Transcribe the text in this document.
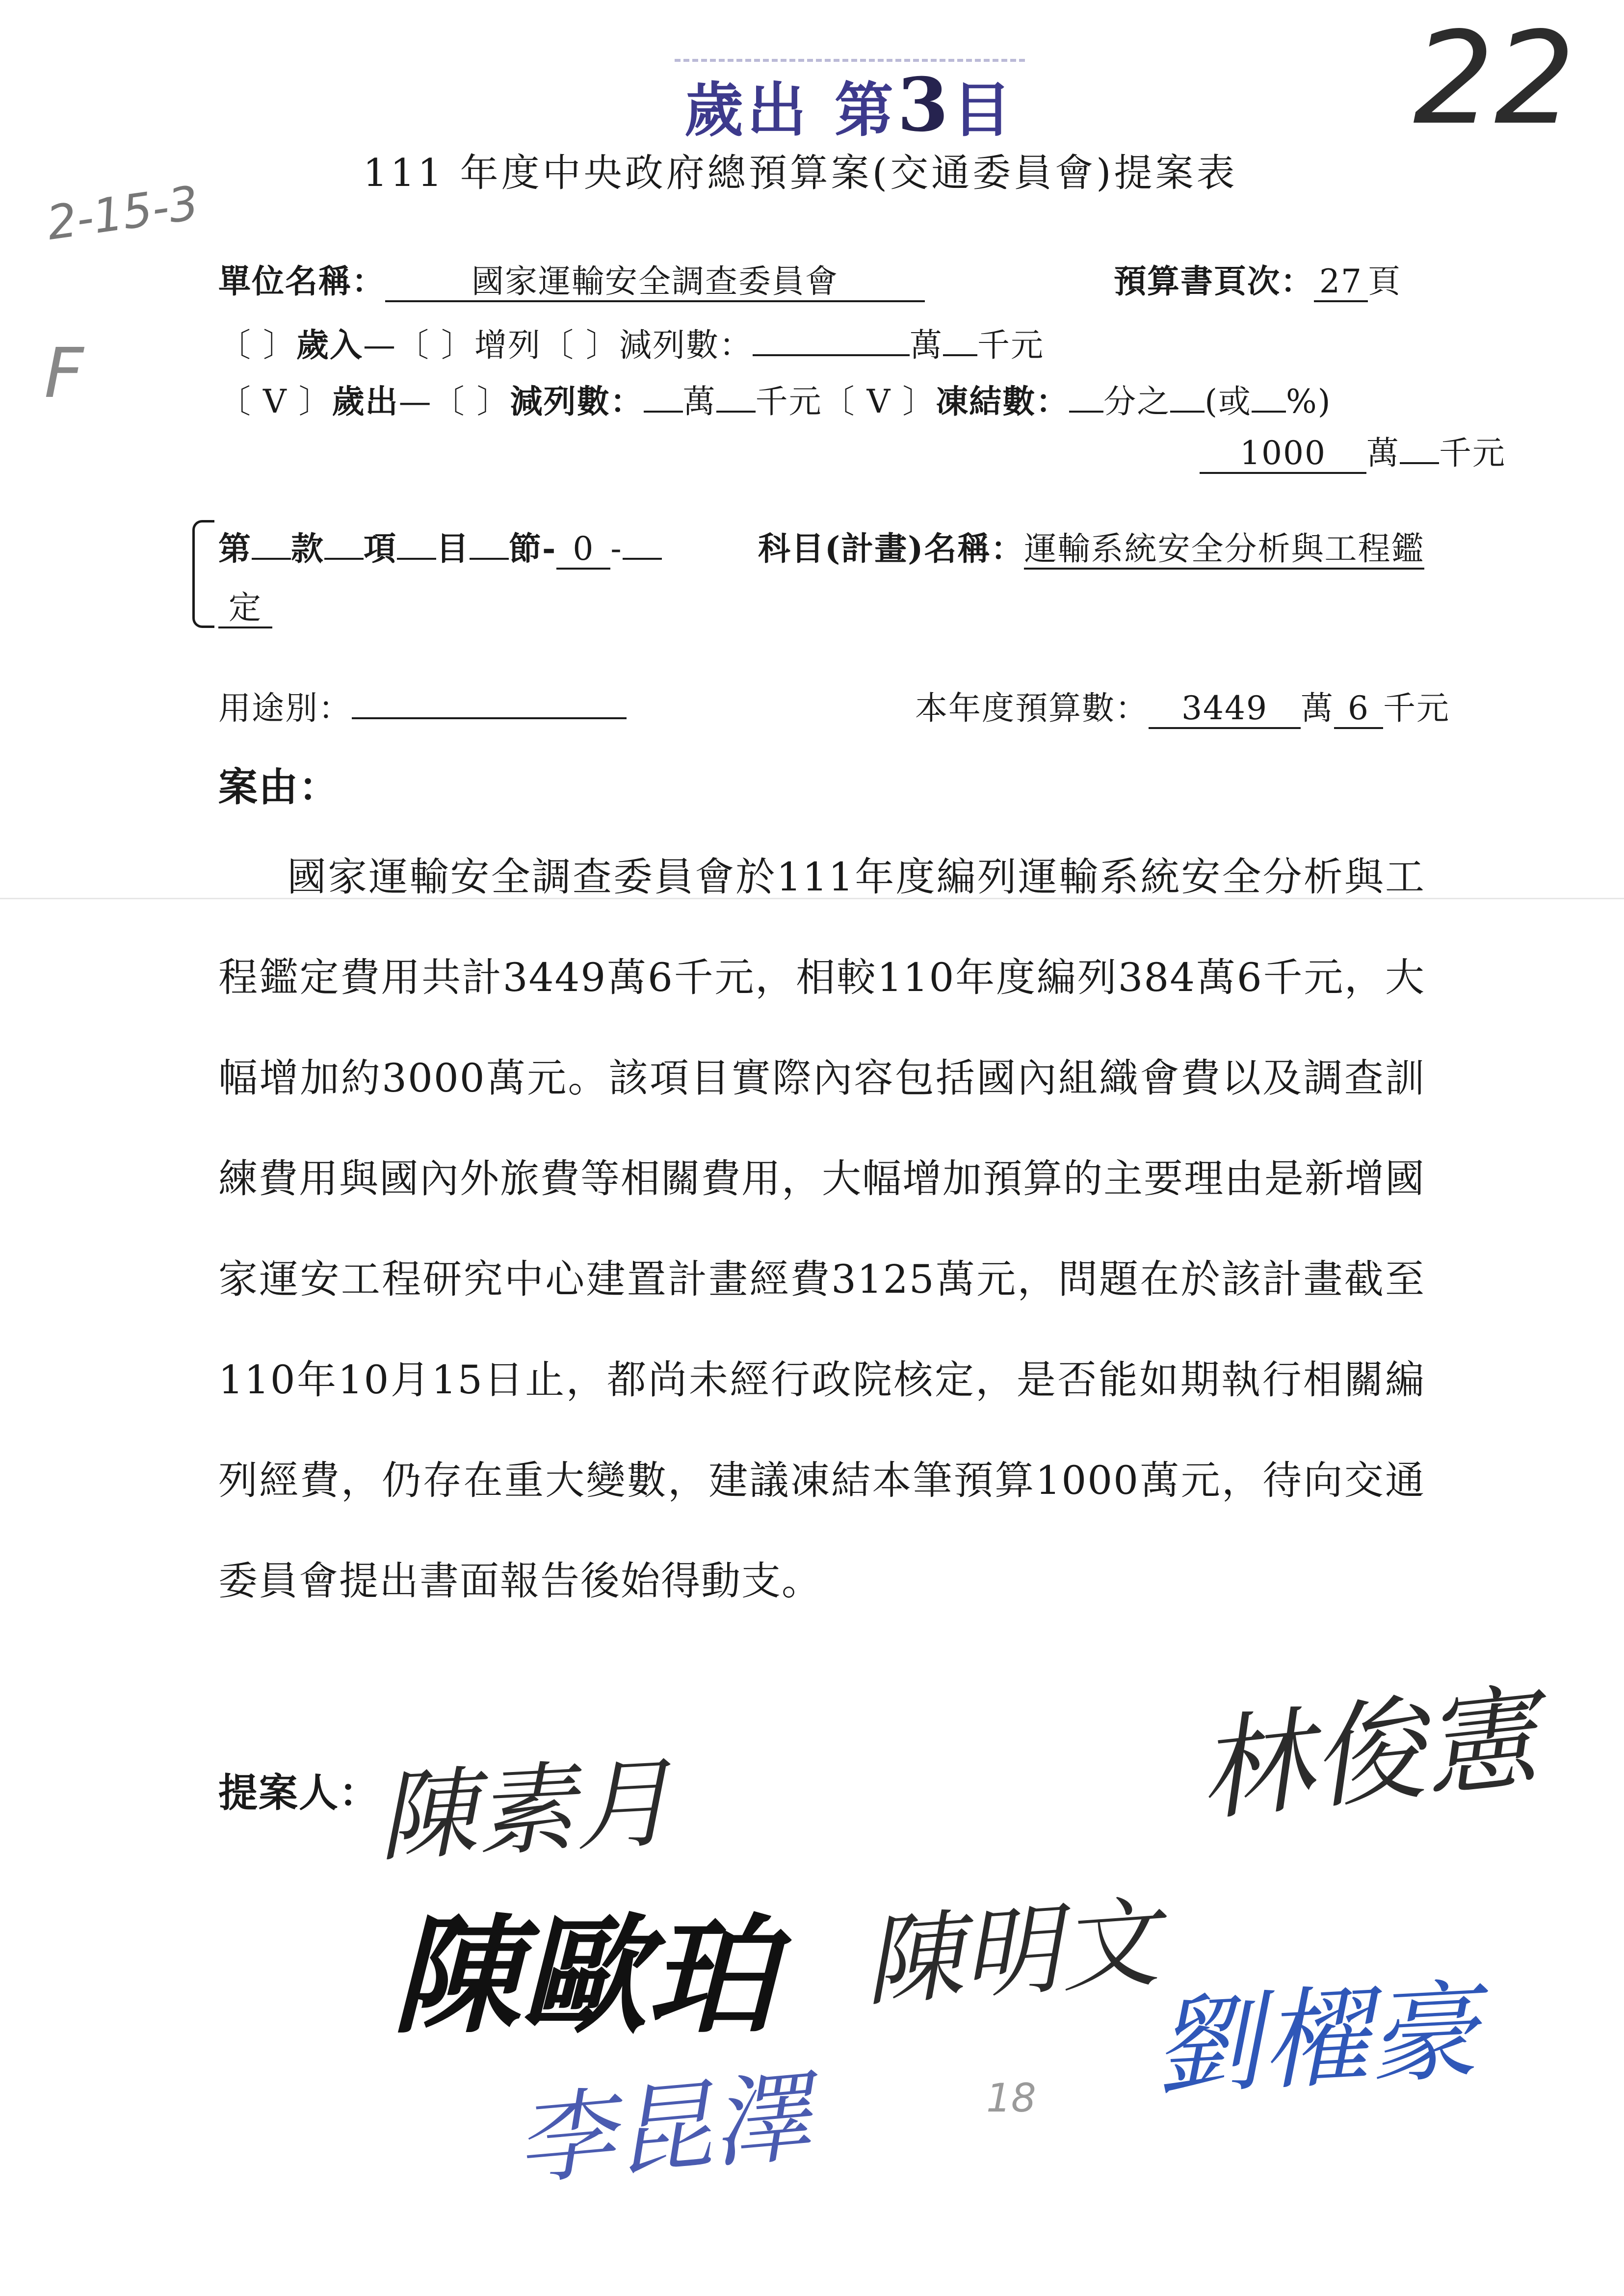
22
2-15-3
F
歲出 第3目
111 年度中央政府總預算案(交通委員會)提案表
單位名稱：	國家運輸安全調查委員會	預算書頁次： 27 頁
〔 〕歲入—〔 〕增列〔 〕減列數：	萬 千元
〔 V 〕歲出—〔 〕減列數： 萬 千元〔 V 〕凍結數： 分之 (或 %)
1000 萬 千元
第 款 項 目 節- 0 -	科目(計畫)名稱：運輸系統安全分析與工程鑑
定
用途別：	本年度預算數： 3449 萬 6 千元
案由：

國家運輸安全調查委員會於111年度編列運輸系統安全分析與工程鑑定費用共計3449萬6千元，相較110年度編列384萬6千元，大幅增加約3000萬元。該項目實際內容包括國內組織會費以及調查訓練費用與國內外旅費等相關費用，大幅增加預算的主要理由是新增國家運安工程研究中心建置計畫經費3125萬元，問題在於該計畫截至110年10月15日止，都尚未經行政院核定，是否能如期執行相關編列經費，仍存在重大變數，建議凍結本筆預算1000萬元，待向交通委員會提出書面報告後始得動支。

提案人：
陳素月	林俊憲
陳歐珀 陳明文
劉櫂豪
李昆澤	18
